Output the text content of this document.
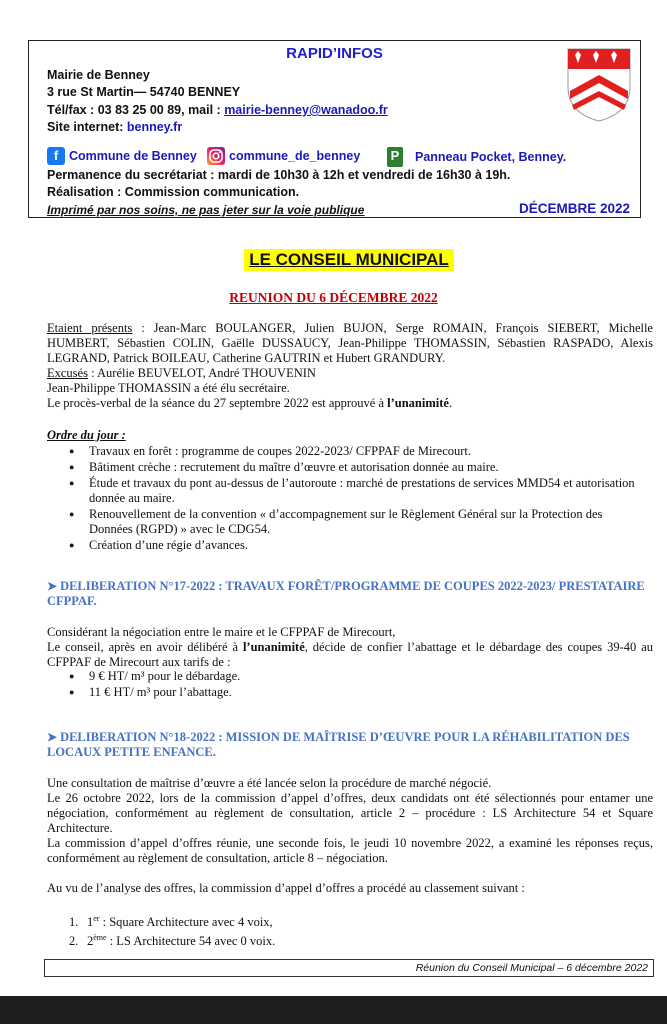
RAPID’INFOS
Mairie de Benney
3 rue St Martin— 54740 BENNEY
Tél/fax : 03 83 25 00 89, mail : mairie-benney@wanadoo.fr
Site internet: benney.fr
f Commune de Benney	commune_de_benney P Panneau Pocket, Benney.
Permanence du secrétariat : mardi de 10h30 à 12h et vendredi de 16h30 à 19h.
Réalisation : Commission communication.
Imprimé par nos soins, ne pas jeter sur la voie publique	DÉCEMBRE 2022
LE CONSEIL MUNICIPAL
REUNION DU 6 DÉCEMBRE 2022
Etaient présents : Jean-Marc BOULANGER, Julien BUJON, Serge ROMAIN, François SIEBERT, Michelle HUMBERT, Sébastien COLIN, Gaëlle DUSSAUCY, Jean-Philippe THOMASSIN, Sébastien RASPADO, Alexis LEGRAND, Patrick BOILEAU, Catherine GAUTRIN et Hubert GRANDURY.
Excusés : Aurélie BEUVELOT, André THOUVENIN
Jean-Philippe THOMASSIN a été élu secrétaire.
Le procès-verbal de la séance du 27 septembre 2022 est approuvé à l’unanimité.
Ordre du jour :
● Travaux en forêt : programme de coupes 2022-2023/ CFPPAF de Mirecourt.
● Bâtiment crèche : recrutement du maître d’œuvre et autorisation donnée au maire.
● Étude et travaux du pont au-dessus de l’autoroute : marché de prestations de services MMD54 et autorisation donnée au maire.
● Renouvellement de la convention « d’accompagnement sur le Règlement Général sur la Protection des Données (RGPD) » avec le CDG54.
● Création d’une régie d’avances.
➤ DELIBERATION N°17-2022 : TRAVAUX FORÊT/PROGRAMME DE COUPES 2022-2023/ PRESTATAIRE CFPPAF.
Considérant la négociation entre le maire et le CFPPAF de Mirecourt,
Le conseil, après en avoir délibéré à l’unanimité, décide de confier l’abattage et le débardage des coupes 39-40 au CFPPAF de Mirecourt aux tarifs de :
● 9 € HT/ m³ pour le débardage.
● 11 € HT/ m³ pour l’abattage.
➤ DELIBERATION N°18-2022 : MISSION DE MAÎTRISE D’ŒUVRE POUR LA RÉHABILITATION DES LOCAUX PETITE ENFANCE.
Une consultation de maîtrise d’œuvre a été lancée selon la procédure de marché négocié.
Le 26 octobre 2022, lors de la commission d’appel d’offres, deux candidats ont été sélectionnés pour entamer une négociation, conformément au règlement de consultation, article 2 – procédure : LS Architecture 54 et Square Architecture.
La commission d’appel d’offres réunie, une seconde fois, le jeudi 10 novembre 2022, a examiné les réponses reçus, conformément au règlement de consultation, article 8 – négociation.
Au vu de l’analyse des offres, la commission d’appel d’offres a procédé au classement suivant :
1. 1er : Square Architecture avec 4 voix,
2. 2ème : LS Architecture 54 avec 0 voix.
Réunion du Conseil Municipal – 6 décembre 2022
